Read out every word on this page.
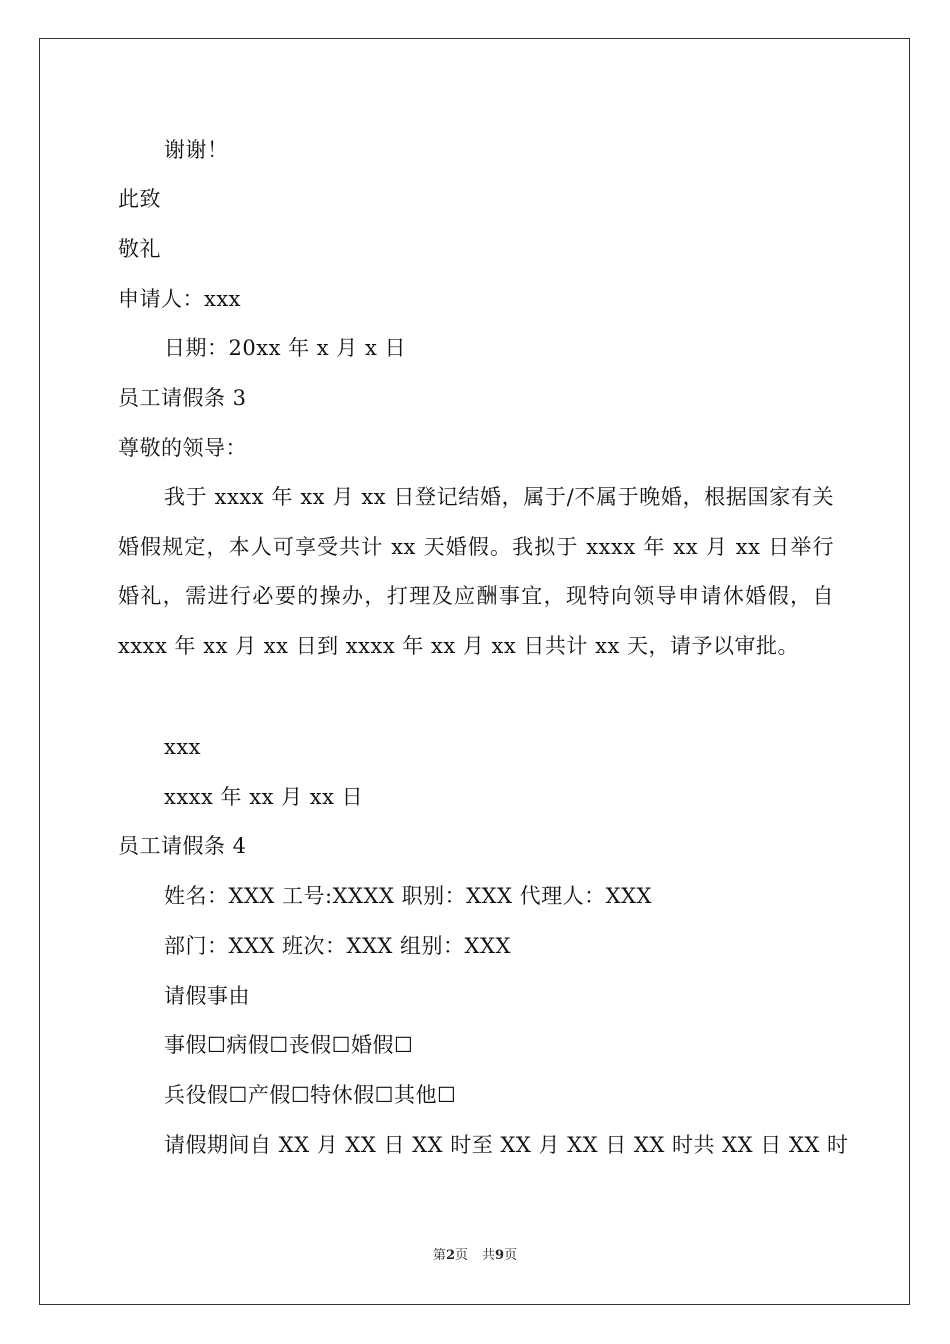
谢谢！
此致
敬礼
申请人：xxx
日期：20xx 年 x 月 x 日
员工请假条 3
尊敬的领导：
我于 xxxx 年 xx 月 xx 日登记结婚，属于/不属于晚婚，根据国家有关婚假规定，本人可享受共计 xx 天婚假。我拟于 xxxx 年 xx 月 xx 日举行婚礼，需进行必要的操办，打理及应酬事宜，现特向领导申请休婚假，自 xxxx 年 xx 月 xx 日到 xxxx 年 xx 月 xx 日共计 xx 天，请予以审批。
xxx
xxxx 年 xx 月 xx 日
员工请假条 4
姓名：XXX 工号:XXXX 职别：XXX 代理人：XXX
部门：XXX 班次：XXX 组别：XXX
请假事由
事假☐病假☐丧假☐婚假☐
兵役假☐产假☐特休假☐其他☐
请假期间自 XX 月 XX 日 XX 时至 XX 月 XX 日 XX 时共 XX 日 XX 时
第2页 共9页
